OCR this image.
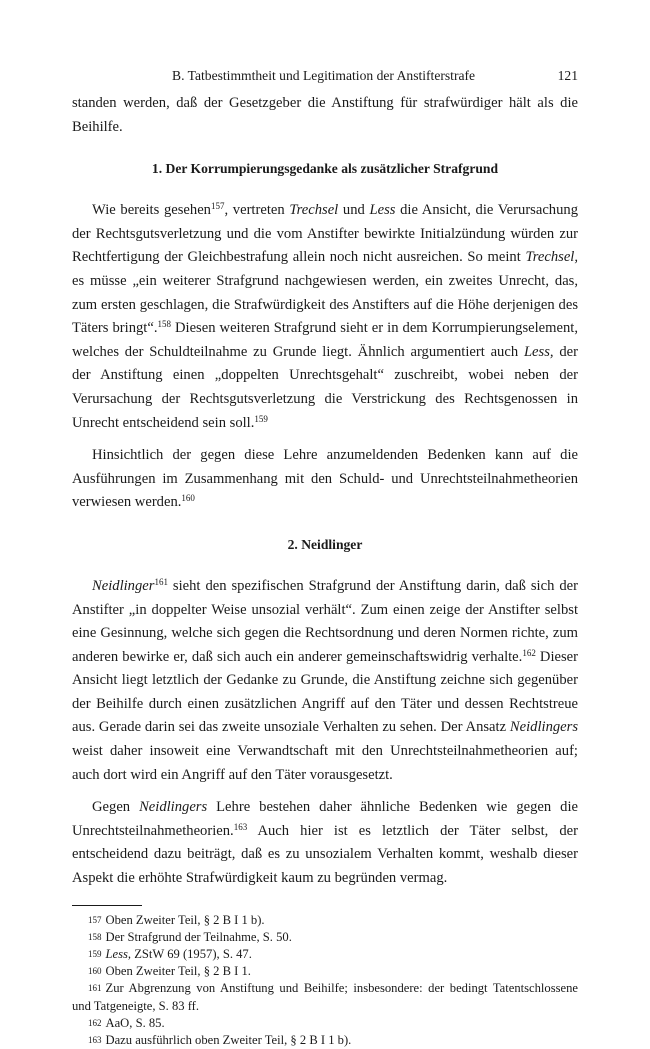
B. Tatbestimmtheit und Legitimation der Anstifterstrafe	121

standen werden, daß der Gesetzgeber die Anstiftung für strafwürdiger hält als die Beihilfe.

1. Der Korrumpierungsgedanke als zusätzlicher Strafgrund

Wie bereits gesehen$^{157}$, vertreten Trechsel und Less die Ansicht, die Verursachung der Rechtsgutsverletzung und die vom Anstifter bewirkte Initialzündung würden zur Rechtfertigung der Gleichbestrafung allein noch nicht ausreichen. So meint Trechsel, es müsse „ein weiterer Strafgrund nachgewiesen werden, ein zweites Unrecht, das, zum ersten geschlagen, die Strafwürdigkeit des Anstifters auf die Höhe derjenigen des Täters bringt“.$^{158}$ Diesen weiteren Strafgrund sieht er in dem Korrumpierungselement, welches der Schuldteilnahme zu Grunde liegt. Ähnlich argumentiert auch Less, der der Anstiftung einen „doppelten Unrechtsgehalt“ zuschreibt, wobei neben der Verursachung der Rechtsgutsverletzung die Verstrickung des Rechtsgenossen in Unrecht entscheidend sein soll.$^{159}$

Hinsichtlich der gegen diese Lehre anzumeldenden Bedenken kann auf die Ausführungen im Zusammenhang mit den Schuld- und Unrechtsteilnahmetheorien verwiesen werden.$^{160}$

2. Neidlinger

Neidlinger$^{161}$ sieht den spezifischen Strafgrund der Anstiftung darin, daß sich der Anstifter „in doppelter Weise unsozial verhält“. Zum einen zeige der Anstifter selbst eine Gesinnung, welche sich gegen die Rechtsordnung und deren Normen richte, zum anderen bewirke er, daß sich auch ein anderer gemeinschaftswidrig verhalte.$^{162}$ Dieser Ansicht liegt letztlich der Gedanke zu Grunde, die Anstiftung zeichne sich gegenüber der Beihilfe durch einen zusätzlichen Angriff auf den Täter und dessen Rechtstreue aus. Gerade darin sei das zweite unsoziale Verhalten zu sehen. Der Ansatz Neidlingers weist daher insoweit eine Verwandtschaft mit den Unrechtsteilnahmetheorien auf; auch dort wird ein Angriff auf den Täter vorausgesetzt.

Gegen Neidlingers Lehre bestehen daher ähnliche Bedenken wie gegen die Unrechtsteilnahmetheorien.$^{163}$ Auch hier ist es letztlich der Täter selbst, der entscheidend dazu beiträgt, daß es zu unsozialem Verhalten kommt, weshalb dieser Aspekt die erhöhte Strafwürdigkeit kaum zu begründen vermag.

157 Oben Zweiter Teil, § 2 B I 1 b).

158 Der Strafgrund der Teilnahme, S. 50.

159 Less, ZStW 69 (1957), S. 47.

160 Oben Zweiter Teil, § 2 B I 1.

161 Zur Abgrenzung von Anstiftung und Beihilfe; insbesondere: der bedingt Tatentschlossene und Tatgeneigte, S. 83 ff.

162 AaO, S. 85.

163 Dazu ausführlich oben Zweiter Teil, § 2 B I 1 b).
